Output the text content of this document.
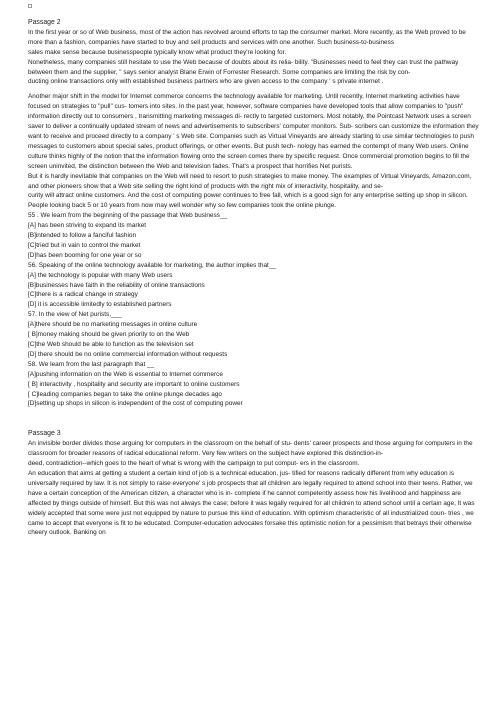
Passage 2

In the first year or so of Web business, most of the action has revolved around efforts to tap the consumer market. More recently, as the Web proved to be more than a fashion, companies have started to buy and sell products and services with one another. Such business-to-business

sales make sense because businesspeople typically know what product they're looking for.

Nonetheless, many companies still hesitate to use the Web because of doubts about its relia- bility. "Businesses need to feel they can trust the pathway between them and the supplier, " says senior analyst Blane Erwin of Forrester Research. Some companies are limiting the risk by con-

ducting online transactions only with established business partners who are given access to the company ' s private internet .

Another major shift in the model for Internet commerce concerns the technology available for marketing. Until recently, Internet marketing activities have focused on strategies to "pull" cus- tomers into sites. In the past year, however, software companies have developed tools that allow companies to "push" information directly out to consumers , transmitting marketing messages di- rectly to targeted customers. Most notably, the Pointcast Network uses a screen saver to deliver a continually updated stream of news and advertisements to subscribers' computer monitors. Sub- scribers can customize the information they want to receive and proceed directly to a company ' s Web site. Companies such as Virtual Vineyards are already starting to use similar technologies to push messages to customers about special sales, product offerings, or other events. But push tech- nology has earned the contempt of many Web users. Online culture thinks highly of the notion that the information flowing onto the screen comes there by specific request. Once commercial promotion begins to fill the screen uninvited, the distinction between the Web and television fades. That's a prospect that horrifies Net purists.

But it is hardly inevitable that companies on the Web will need to resort to push strategies to make money. The examples of Virtual Vineyards, Amazon.com, and other pioneers show that a Web site selling the right kind of products with the right mix of interactivity, hospitality, and se-

curity will attract online customers. And the cost of computing power continues to free fall, which is a good sign for any enterprise setting up shop in silicon. People looking back 5 or 10 years from now may well wonder why so few companies took the online plunge.

55 . We learn from the beginning of the passage that Web business__

[A] has been striving to expand its market

[B]intended to follow a fanciful fashion

[C]tried but in vain to control the market

[D]has been booming for one year or so

56. Speaking of the online technology available for marketing, the author implies that__

[A] the technology is popular with many Web users

[B]businesses have faith in the reliability of online transactions

[C]there is a radical change in strategy

[D] it is accessible limitedly to established partners

57. In the view of Net purists,___

[A]there should be no marketing messages in online culture

[ B]money making should be given priority to on the Web

[C]the Web should be able to function as the television set

[D] there should be no online commercial information without requests

58. We learn from the last paragraph that __

[A]pushing information on the Web is essential to Internet commerce

[ B] interactivity , hospitality and security are important to online customers

[ C]leading companies began to take the online plunge decades ago

[D]setting up shops in silicon is independent of the cost of computing power

Passage 3

An invisible border divides those arguing for computers in the classroom on the behalf of stu- dents' career prospects and those arguing for computers in the classroom for broader reasons of radical educational reform. Very few writers on the subject have explored this distinction-in-

deed, contradiction--which goes to the heart of what is wrong with the campaign to put comput- ers in the classroom.

An education that aims at getting a student a certain kind of job is a technical education, jus- tified for reasons radically different from why education is universally required by law. It is not simply to raise everyone' s job prospects that all children are legally required to attend school into their teens. Rather, we have a certain conception of the American citizen, a character who is in- complete if he cannot competently assess how his livelihood and happiness are affected by things outside of himself. But this was not always the case; before it was legally required for all children to attend school until a certain age, It was widely accepted that some were just not equipped by nature to pursue this kind of education. With optimism characteristic of all industrialized coun- tries , we came to accept that everyone is fit to be educated. Computer-education advocates forsake this optimistic notion for a pessimism that betrays their otherwise cheery outlook. Banking on
